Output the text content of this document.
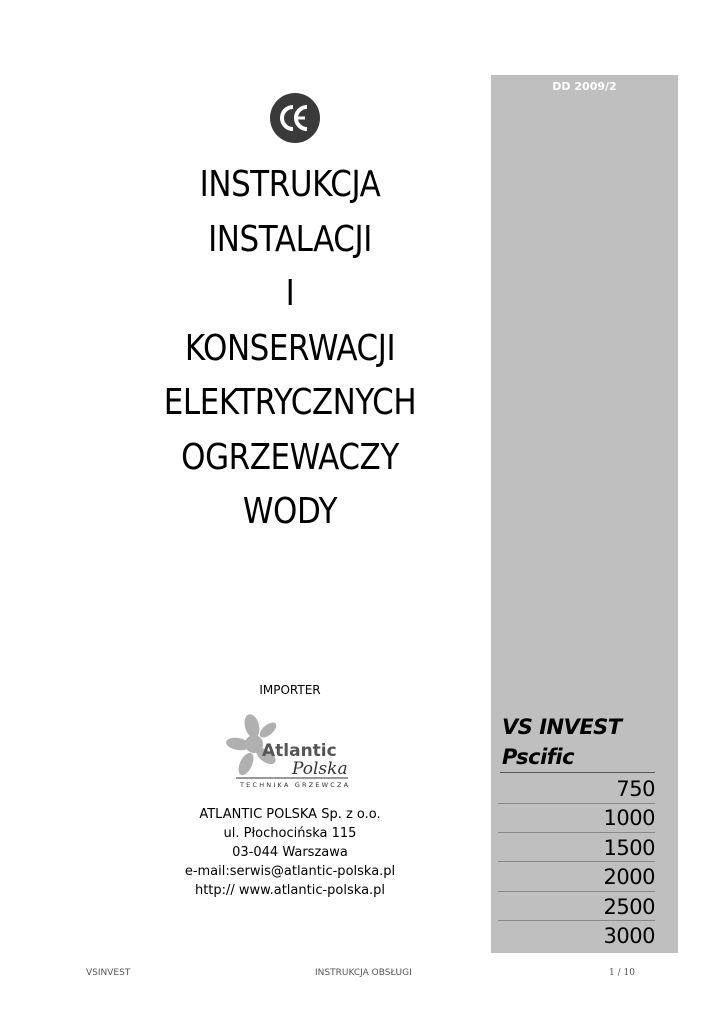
DD 2009/2
INSTRUKCJA
INSTALACJI
I
KONSERWACJI
ELEKTRYCZNYCH
OGRZEWACZY
WODY
IMPORTER
Atlantic
Polska
TECHNIKA GRZEWCZA
ATLANTIC POLSKA Sp. z o.o.
ul. Płochocińska 115
03-044 Warszawa
e-mail:serwis@atlantic-polska.pl
http:// www.atlantic-polska.pl
VS INVEST
Pscific
750
1000
1500
2000
2500
3000
VSINVEST	INSTRUKCJA OBSŁUGI	1 / 10
